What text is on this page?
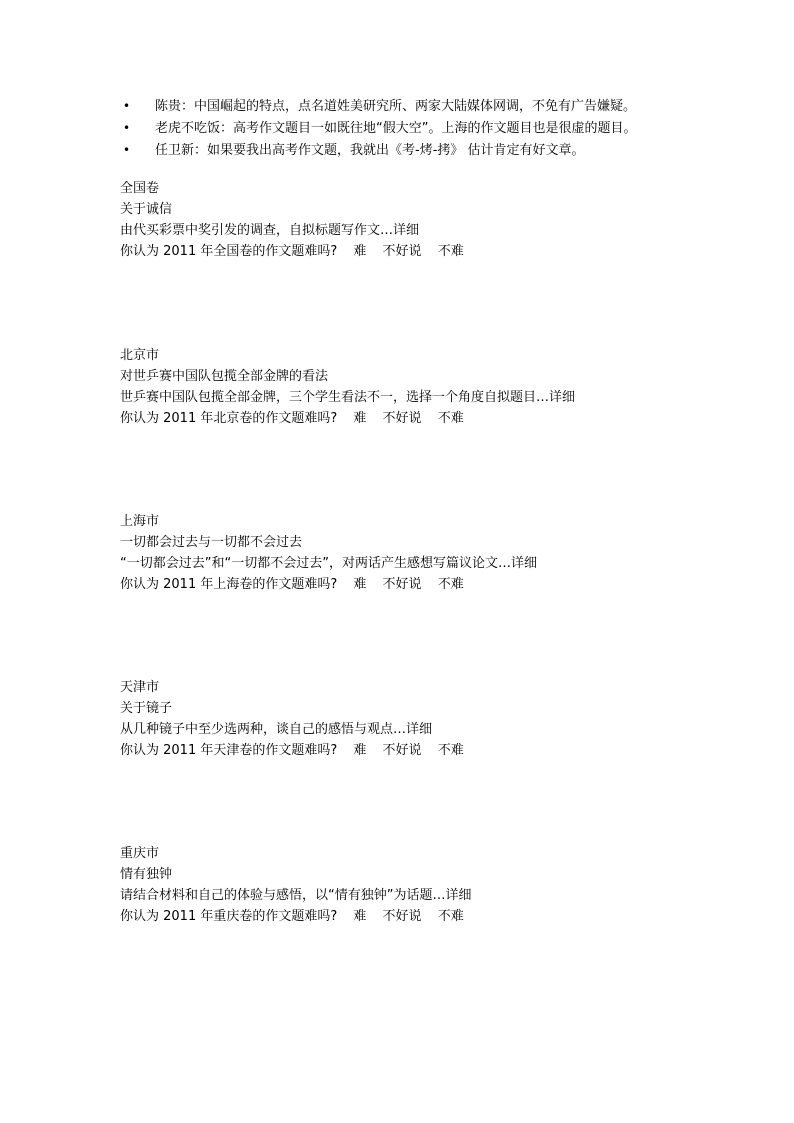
• 陈贵：中国崛起的特点，点名道姓美研究所、两家大陆媒体网调，不免有广告嫌疑。
• 老虎不吃饭：高考作文题目一如既往地“假大空”。上海的作文题目也是很虚的题目。
• 任卫新：如果要我出高考作文题，我就出《考-烤-拷》 估计肯定有好文章。
全国卷
关于诚信
由代买彩票中奖引发的调查，自拟标题写作文…详细
你认为 2011 年全国卷的作文题难吗? 难 不好说 不难
北京市
对世乒赛中国队包揽全部金牌的看法
世乒赛中国队包揽全部金牌，三个学生看法不一，选择一个角度自拟题目…详细
你认为 2011 年北京卷的作文题难吗? 难 不好说 不难
上海市
一切都会过去与一切都不会过去
“一切都会过去”和“一切都不会过去”，对两话产生感想写篇议论文…详细
你认为 2011 年上海卷的作文题难吗? 难 不好说 不难
天津市
关于镜子
从几种镜子中至少选两种，谈自己的感悟与观点…详细
你认为 2011 年天津卷的作文题难吗? 难 不好说 不难
重庆市
情有独钟
请结合材料和自己的体验与感悟，以“情有独钟”为话题…详细
你认为 2011 年重庆卷的作文题难吗? 难 不好说 不难
